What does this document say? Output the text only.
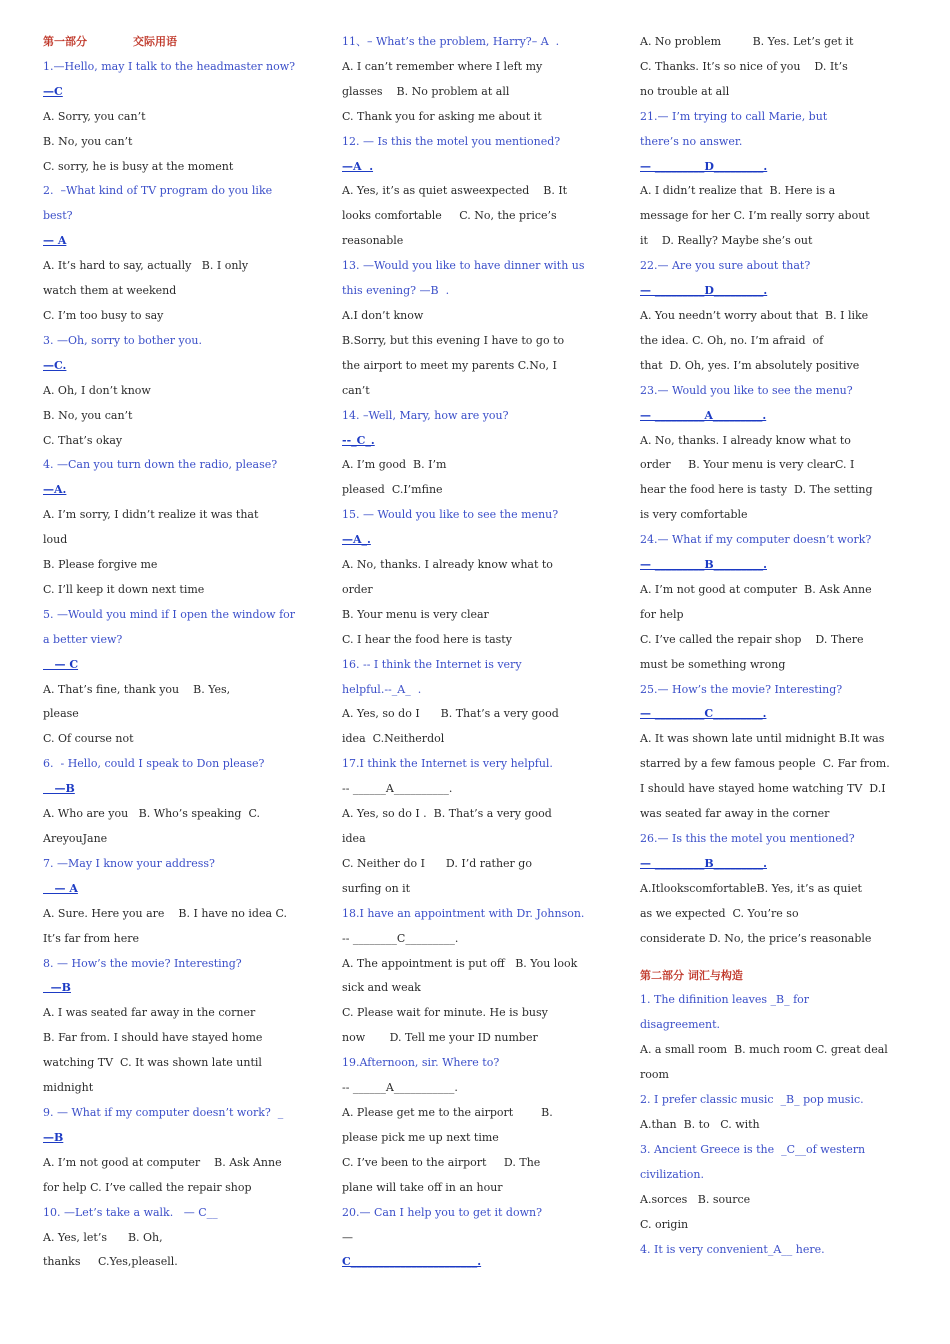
第一部分            交际用语
1.—Hello, may I talk to the headmaster now?
—C
A. Sorry, you can’t
B. No, you can’t
C. sorry, he is busy at the moment
2.  –What kind of TV program do you like
best?
— A
A. It’s hard to say, actually   B. I only
watch them at weekend
C. I’m too busy to say
3. —Oh, sorry to bother you.
—C.
A. Oh, I don’t know
B. No, you can’t
C. That’s okay
4. —Can you turn down the radio, please?
—A.
A. I’m sorry, I didn’t realize it was that
loud
B. Please forgive me
C. I’ll keep it down next time
5. —Would you mind if I open the window for
a better view?
— C
A. That’s fine, thank you    B. Yes,
please
C. Of course not
6.  - Hello, could I speak to Don please?
—B
A. Who are you   B. Who’s speaking  C.
AreyouJane
7. —May I know your address?
— A
A. Sure. Here you are    B. I have no idea C.
It’s far from here
8. — How’s the movie? Interesting?
—B
A. I was seated far away in the corner
B. Far from. I should have stayed home
watching TV  C. It was shown late until
midnight
9. — What if my computer doesn’t work?  _
—B
A. I’m not good at computer    B. Ask Anne
for help C. I’ve called the repair shop
10. —Let’s take a walk.   — C__
A. Yes, let’s      B. Oh,
thanks     C.Yes,pleasell.
11、– What’s the problem, Harry?– A  .
A. I can’t remember where I left my
glasses    B. No problem at all
C. Thank you for asking me about it
12. — Is this the motel you mentioned?
—A  .
A. Yes, it’s as quiet asweexpected    B. It
looks comfortable     C. No, the price’s
reasonable
13. —Would you like to have dinner with us
this evening? —B  .
A.I don’t know
B.Sorry, but this evening I have to go to
the airport to meet my parents C.No, I
can’t
14. –Well, Mary, how are you?
--_C_.
A. I’m good  B. I’m
pleased  C.I’mfine
15. — Would you like to see the menu?
—A_.
A. No, thanks. I already know what to
order
B. Your menu is very clear
C. I hear the food here is tasty
16. -- I think the Internet is very
helpful.--_A_  .
A. Yes, so do I      B. That’s a very good
idea  C.Neitherdol
17.I think the Internet is very helpful.
-- ______A__________.
A. Yes, so do I .  B. That’s a very good
idea
C. Neither do I      D. I’d rather go
surfing on it
18.I have an appointment with Dr. Johnson.
-- ________C_________.
A. The appointment is put off   B. You look
sick and weak
C. Please wait for minute. He is busy
now       D. Tell me your ID number
19.Afternoon, sir. Where to?
-- ______A___________.
A. Please get me to the airport        B.
please pick me up next time
C. I’ve been to the airport     D. The
plane will take off in an hour
20.— Can I help you to get it down?
—
C_______________________.
A. No problem         B. Yes. Let’s get it
C. Thanks. It’s so nice of you    D. It’s
no trouble at all
21.— I’m trying to call Marie, but
there’s no answer.
— _________D_________.
A. I didn’t realize that  B. Here is a
message for her C. I’m really sorry about
it    D. Really? Maybe she’s out
22.— Are you sure about that?
— _________D_________.
A. You needn’t worry about that  B. I like
the idea. C. Oh, no. I’m afraid  of
that  D. Oh, yes. I’m absolutely positive
23.— Would you like to see the menu?
— _________A_________.
A. No, thanks. I already know what to
order     B. Your menu is very clearC. I
hear the food here is tasty  D. The setting
is very comfortable
24.— What if my computer doesn’t work?
— _________B_________.
A. I’m not good at computer  B. Ask Anne
for help
C. I’ve called the repair shop    D. There
must be something wrong
25.— How’s the movie? Interesting?
— _________C_________.
A. It was shown late until midnight B.It was
starred by a few famous people  C. Far from.
I should have stayed home watching TV  D.I
was seated far away in the corner
26.— Is this the motel you mentioned?
— _________B_________.
A.ItlookscomfortableB. Yes, it’s as quiet
as we expected  C. You’re so
considerate D. No, the price’s reasonable
第二部分 词汇与构造
1. The difinition leaves _B_ for
disagreement.
A. a small room  B. much room C. great deal
room
2. I prefer classic music  _B_ pop music.
A.than  B. to   C. with
3. Ancient Greece is the  _C__of western
civilization.
A.sorces   B. source
C. origin
4. It is very convenient_A__ here.
